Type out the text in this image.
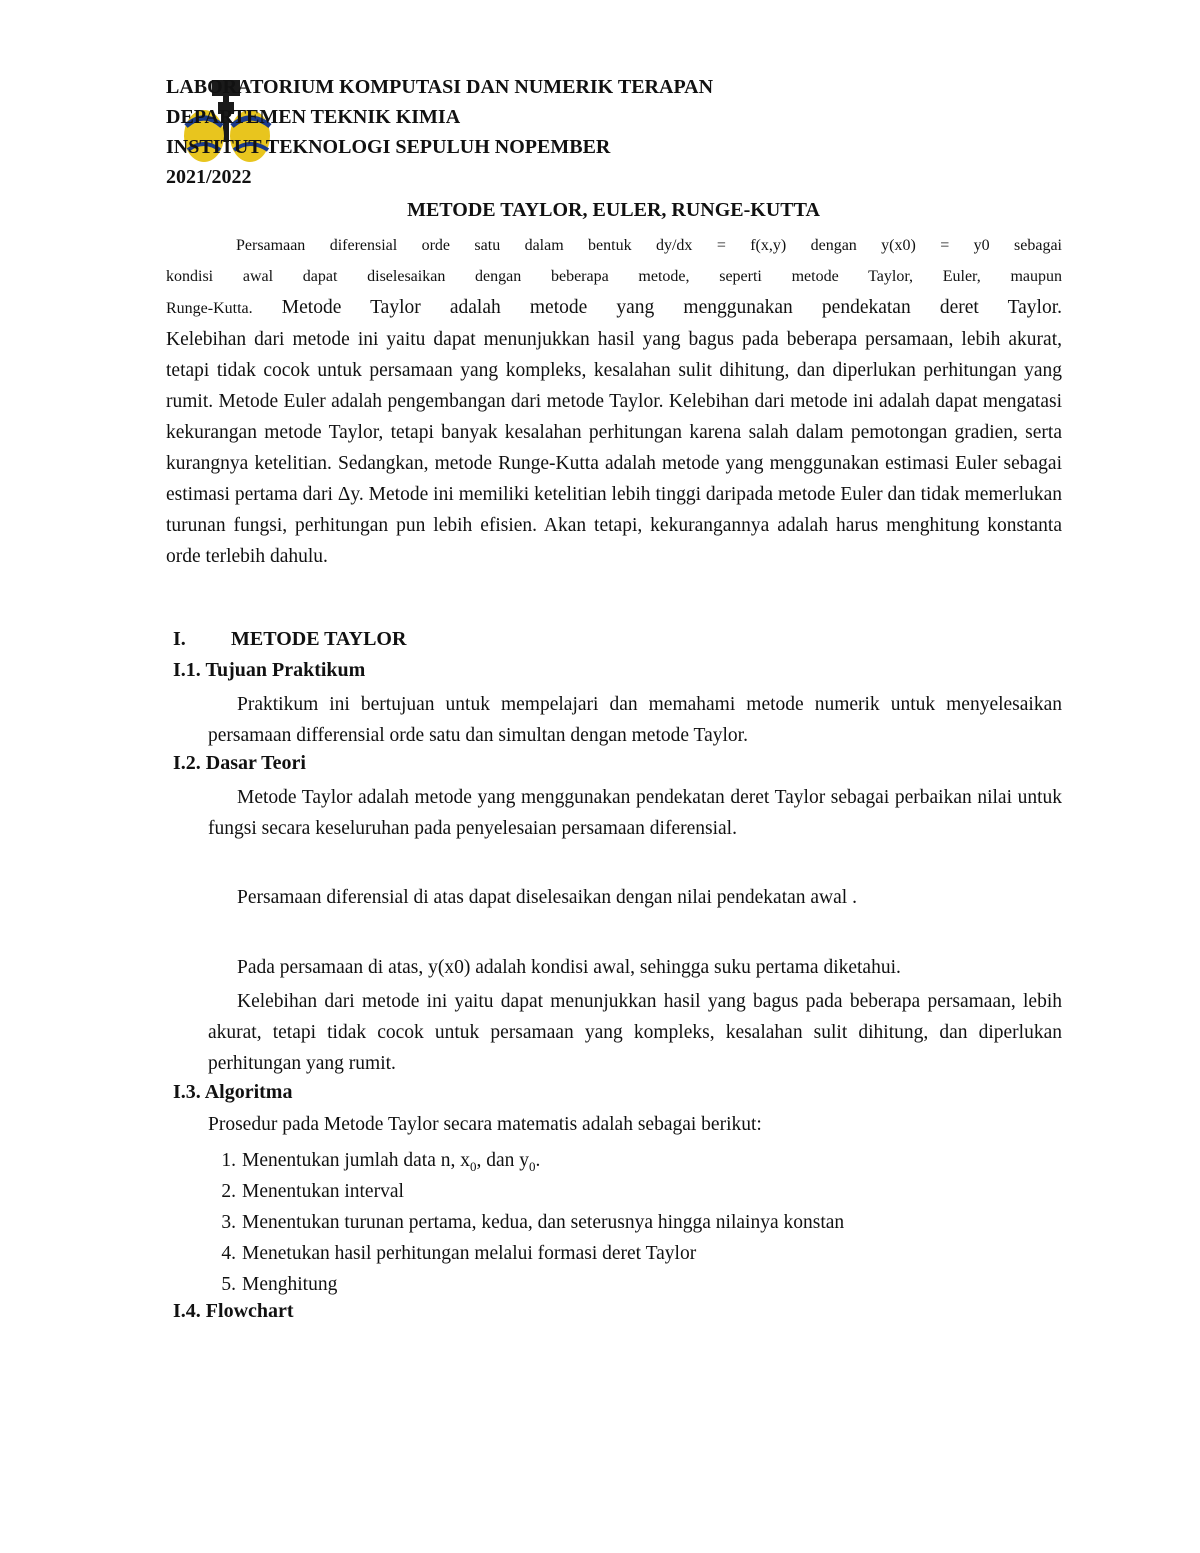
LABORATORIUM KOMPUTASI DAN NUMERIK TERAPAN
DEPARTEMEN TEKNIK KIMIA
INSTITUT TEKNOLOGI SEPULUH NOPEMBER
2021/2022
METODE TAYLOR, EULER, RUNGE-KUTTA
Persamaan diferensial orde satu dalam bentuk dy/dx = f(x,y) dengan y(x0) = y0 sebagai
kondisi awal dapat diselesaikan dengan beberapa metode, seperti metode Taylor, Euler, maupun
Runge-Kutta. Metode Taylor adalah metode yang menggunakan pendekatan deret Taylor.
Kelebihan dari metode ini yaitu dapat menunjukkan hasil yang bagus pada beberapa persamaan, lebih akurat, tetapi tidak cocok untuk persamaan yang kompleks, kesalahan sulit dihitung, dan diperlukan perhitungan yang rumit. Metode Euler adalah pengembangan dari metode Taylor. Kelebihan dari metode ini adalah dapat mengatasi kekurangan metode Taylor, tetapi banyak kesalahan perhitungan karena salah dalam pemotongan gradien, serta kurangnya ketelitian. Sedangkan, metode Runge-Kutta adalah metode yang menggunakan estimasi Euler sebagai estimasi pertama dari Δy. Metode ini memiliki ketelitian lebih tinggi daripada metode Euler dan tidak memerlukan turunan fungsi, perhitungan pun lebih efisien. Akan tetapi, kekurangannya adalah harus menghitung konstanta orde terlebih dahulu.
I. METODE TAYLOR
I.1. Tujuan Praktikum
Praktikum ini bertujuan untuk mempelajari dan memahami metode numerik untuk menyelesaikan persamaan differensial orde satu dan simultan dengan metode Taylor.
I.2. Dasar Teori
Metode Taylor adalah metode yang menggunakan pendekatan deret Taylor sebagai perbaikan nilai untuk fungsi secara keseluruhan pada penyelesaian persamaan diferensial.
Persamaan diferensial di atas dapat diselesaikan dengan nilai pendekatan awal .
Pada persamaan di atas, y(x0) adalah kondisi awal, sehingga suku pertama diketahui.
Kelebihan dari metode ini yaitu dapat menunjukkan hasil yang bagus pada beberapa persamaan, lebih akurat, tetapi tidak cocok untuk persamaan yang kompleks, kesalahan sulit dihitung, dan diperlukan perhitungan yang rumit.
I.3. Algoritma
Prosedur pada Metode Taylor secara matematis adalah sebagai berikut:
1. Menentukan jumlah data n, $x_0$, dan $y_0$.
2. Menentukan interval
3. Menentukan turunan pertama, kedua, dan seterusnya hingga nilainya konstan
4. Menetukan hasil perhitungan melalui formasi deret Taylor
5. Menghitung
I.4. Flowchart
